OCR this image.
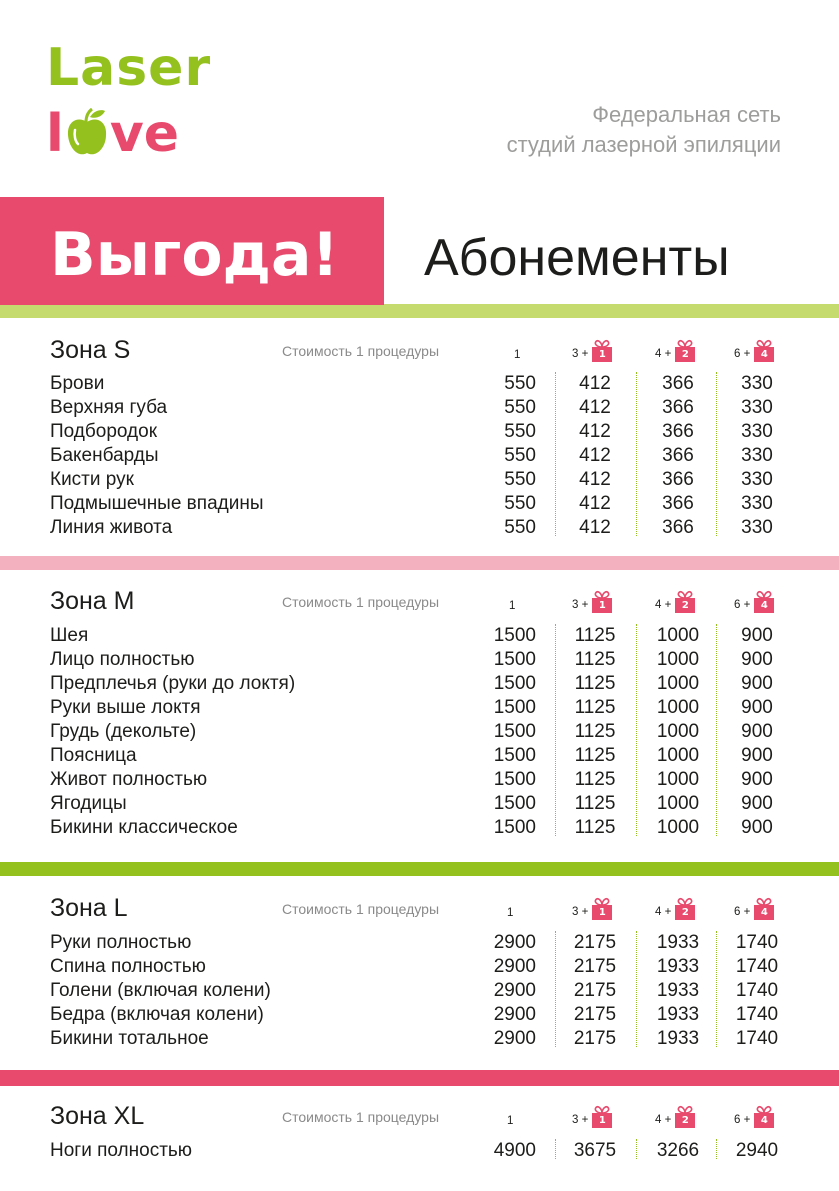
Laser
l ve	Федеральная сеть
студий лазерной эпиляции
Выгода! Абонементы
Зона S	Стоимость 1 процедуры	1	3 +	1	4 +	2	6 +	4
Брови	550	412	366	330
Верхняя губа	550	412	366	330
Подбородок	550	412	366	330
Бакенбарды	550	412	366	330
Кисти рук	550	412	366	330
Подмышечные впадины	550	412	366	330
Линия живота	550	412	366	330
Зона M	Стоимость 1 процедуры	1	3 +	1	4 +	2	6 +	4
Шея	1500	1125	1000	900
Лицо полностью	1500	1125	1000	900
Предплечья (руки до локтя)	1500	1125	1000	900
Руки выше локтя	1500	1125	1000	900
Грудь (декольте)	1500	1125	1000	900
Поясница	1500	1125	1000	900
Живот полностью	1500	1125	1000	900
Ягодицы	1500	1125	1000	900
Бикини классическое	1500	1125	1000	900
Зона L	Стоимость 1 процедуры	1	3 +	1	4 +	2	6 +	4
Руки полностью	2900	2175	1933	1740
Спина полностью	2900	2175	1933	1740
Голени (включая колени)	2900	2175	1933	1740
Бедра (включая колени)	2900	2175	1933	1740
Бикини тотальное	2900	2175	1933	1740
Зона XL	Стоимость 1 процедуры	1	3 +	1	4 +	2	6 +	4
Ноги полностью	4900	3675	3266	2940
